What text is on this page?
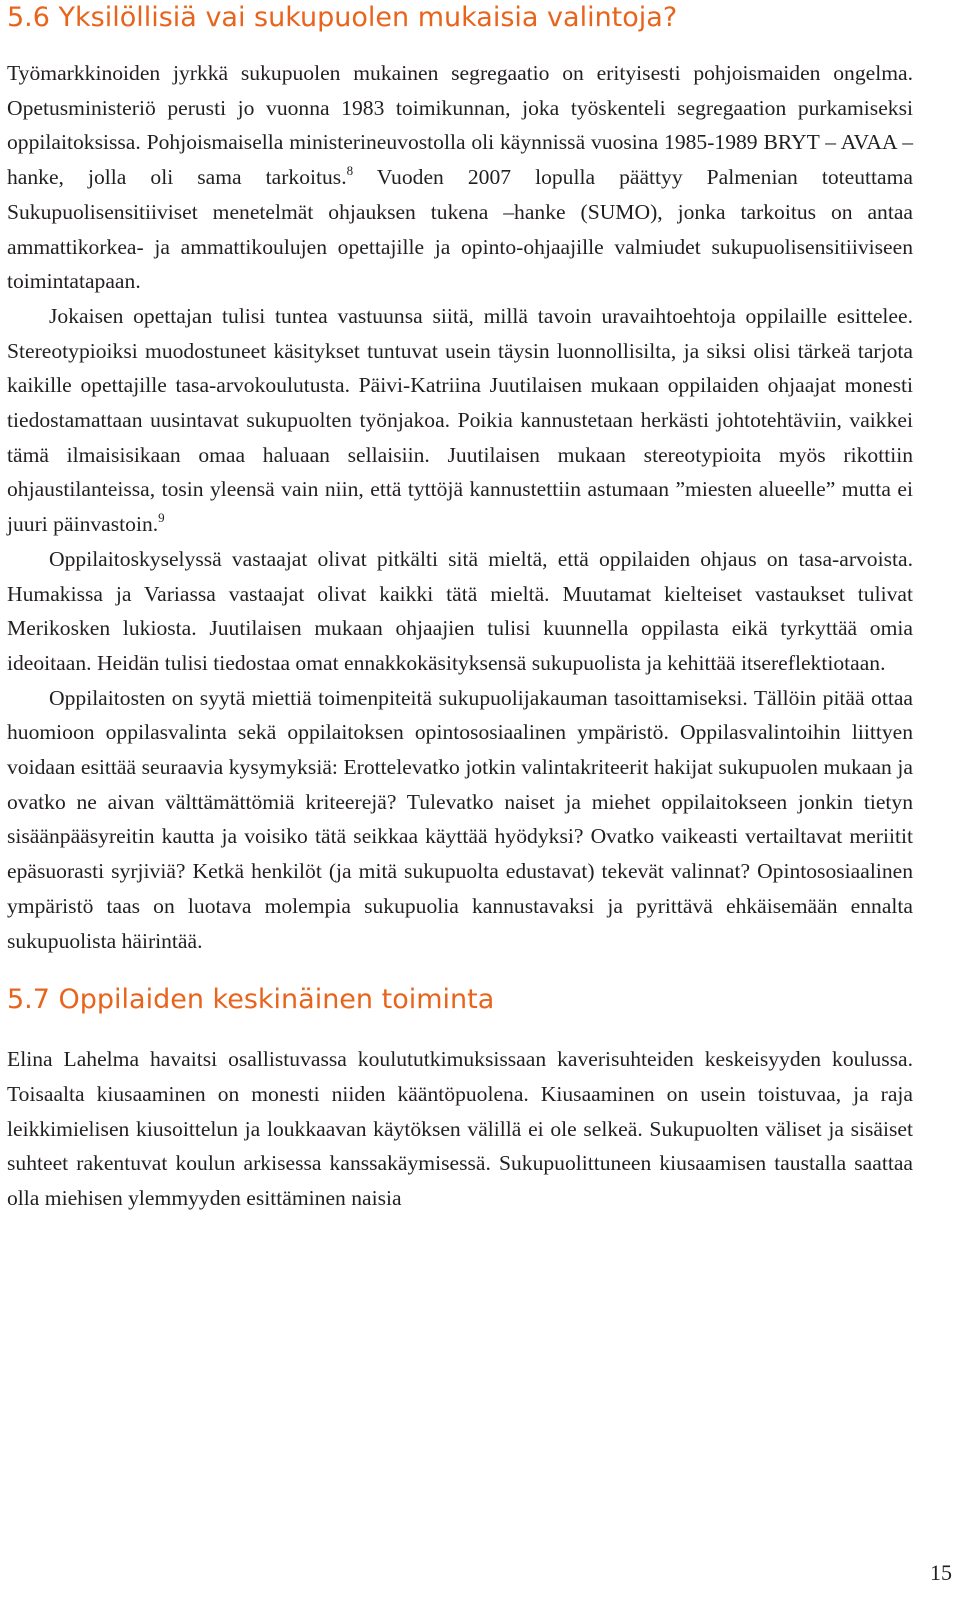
5.6 Yksilöllisiä vai sukupuolen mukaisia valintoja?

Työmarkkinoiden jyrkkä sukupuolen mukainen segregaatio on erityisesti pohjoismaiden ongelma. Opetusministeriö perusti jo vuonna 1983 toimikunnan, joka työskenteli segregaation purkamiseksi oppilaitoksissa. Pohjoismaisella ministerineuvostolla oli käynnissä vuosina 1985-1989 BRYT – AVAA –hanke, jolla oli sama tarkoitus.$^8$ Vuoden 2007 lopulla päättyy Palmenian toteuttama Sukupuolisensitiiviset menetelmät ohjauksen tukena –hanke (SUMO), jonka tarkoitus on antaa ammattikorkea- ja ammattikoulujen opettajille ja opinto-ohjaajille valmiudet sukupuolisensitiiviseen toimintatapaan.

Jokaisen opettajan tulisi tuntea vastuunsa siitä, millä tavoin uravaihtoehtoja oppilaille esittelee. Stereotypioiksi muodostuneet käsitykset tuntuvat usein täysin luonnollisilta, ja siksi olisi tärkeä tarjota kaikille opettajille tasa-arvokoulutusta. Päivi-Katriina Juutilaisen mukaan oppilaiden ohjaajat monesti tiedostamattaan uusintavat sukupuolten työnjakoa. Poikia kannustetaan herkästi johtotehtäviin, vaikkei tämä ilmaisisikaan omaa haluaan sellaisiin. Juutilaisen mukaan stereotypioita myös rikottiin ohjaustilanteissa, tosin yleensä vain niin, että tyttöjä kannustettiin astumaan ”miesten alueelle” mutta ei juuri päinvastoin.$^9$

Oppilaitoskyselyssä vastaajat olivat pitkälti sitä mieltä, että oppilaiden ohjaus on tasa-arvoista. Humakissa ja Variassa vastaajat olivat kaikki tätä mieltä. Muutamat kielteiset vastaukset tulivat Merikosken lukiosta. Juutilaisen mukaan ohjaajien tulisi kuunnella oppilasta eikä tyrkyttää omia ideoitaan. Heidän tulisi tiedostaa omat ennakkokäsityksensä sukupuolista ja kehittää itsereflektiotaan.

Oppilaitosten on syytä miettiä toimenpiteitä sukupuolijakauman tasoittamiseksi. Tällöin pitää ottaa huomioon oppilasvalinta sekä oppilaitoksen opintososiaalinen ympäristö. Oppilasvalintoihin liittyen voidaan esittää seuraavia kysymyksiä: Erottelevatko jotkin valintakriteerit hakijat sukupuolen mukaan ja ovatko ne aivan välttämättömiä kriteerejä? Tulevatko naiset ja miehet oppilaitokseen jonkin tietyn sisäänpääsyreitin kautta ja voisiko tätä seikkaa käyttää hyödyksi? Ovatko vaikeasti vertailtavat meriitit epäsuorasti syrjiviä? Ketkä henkilöt (ja mitä sukupuolta edustavat) tekevät valinnat? Opintososiaalinen ympäristö taas on luotava molempia sukupuolia kannustavaksi ja pyrittävä ehkäisemään ennalta sukupuolista häirintää.

5.7 Oppilaiden keskinäinen toiminta

Elina Lahelma havaitsi osallistuvassa koulututkimuksissaan kaverisuhteiden keskeisyyden koulussa. Toisaalta kiusaaminen on monesti niiden kääntöpuolena. Kiusaaminen on usein toistuvaa, ja raja leikkimielisen kiusoittelun ja loukkaavan käytöksen välillä ei ole selkeä. Sukupuolten väliset ja sisäiset suhteet rakentuvat koulun arkisessa kanssakäymisessä. Sukupuolittuneen kiusaamisen taustalla saattaa olla miehisen ylemmyyden esittäminen naisia

15
